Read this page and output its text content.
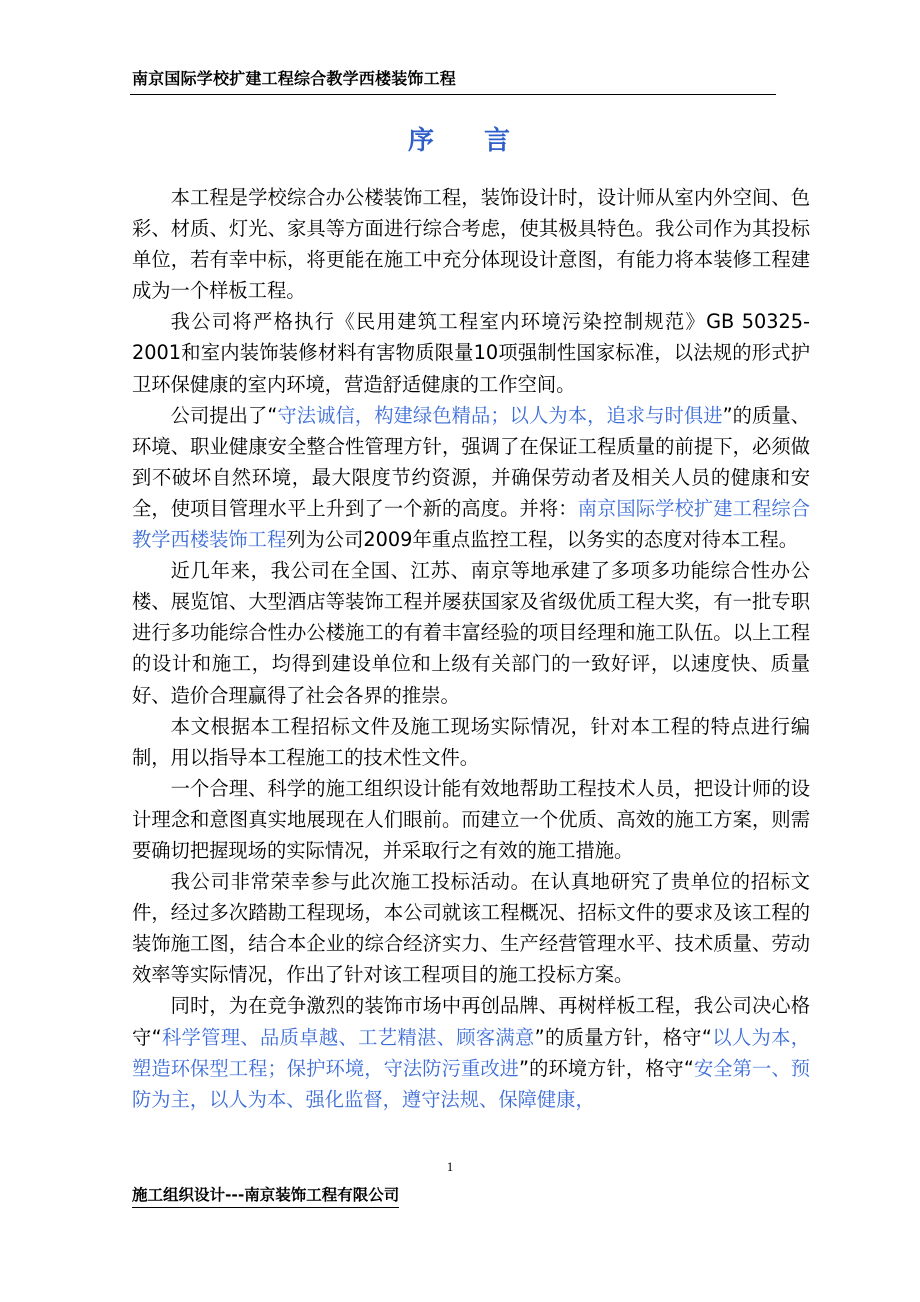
南京国际学校扩建工程综合教学西楼装饰工程
序 言

本工程是学校综合办公楼装饰工程，装饰设计时，设计师从室内外空间、色彩、材质、灯光、家具等方面进行综合考虑，使其极具特色。我公司作为其投标单位，若有幸中标，将更能在施工中充分体现设计意图，有能力将本装修工程建成为一个样板工程。

我公司将严格执行《民用建筑工程室内环境污染控制规范》GB 50325-2001和室内装饰装修材料有害物质限量10项强制性国家标准，以法规的形式护卫环保健康的室内环境，营造舒适健康的工作空间。

公司提出了“守法诚信，构建绿色精品；以人为本，追求与时俱进”的质量、环境、职业健康安全整合性管理方针，强调了在保证工程质量的前提下，必须做到不破坏自然环境，最大限度节约资源，并确保劳动者及相关人员的健康和安全，使项目管理水平上升到了一个新的高度。并将：南京国际学校扩建工程综合教学西楼装饰工程列为公司2009年重点监控工程，以务实的态度对待本工程。

近几年来，我公司在全国、江苏、南京等地承建了多项多功能综合性办公楼、展览馆、大型酒店等装饰工程并屡获国家及省级优质工程大奖，有一批专职进行多功能综合性办公楼施工的有着丰富经验的项目经理和施工队伍。以上工程的设计和施工，均得到建设单位和上级有关部门的一致好评，以速度快、质量好、造价合理赢得了社会各界的推崇。

本文根据本工程招标文件及施工现场实际情况，针对本工程的特点进行编制，用以指导本工程施工的技术性文件。

一个合理、科学的施工组织设计能有效地帮助工程技术人员，把设计师的设计理念和意图真实地展现在人们眼前。而建立一个优质、高效的施工方案，则需要确切把握现场的实际情况，并采取行之有效的施工措施。

我公司非常荣幸参与此次施工投标活动。在认真地研究了贵单位的招标文件，经过多次踏勘工程现场，本公司就该工程概况、招标文件的要求及该工程的装饰施工图，结合本企业的综合经济实力、生产经营管理水平、技术质量、劳动效率等实际情况，作出了针对该工程项目的施工投标方案。

同时，为在竞争激烈的装饰市场中再创品牌、再树样板工程，我公司决心格守“科学管理、品质卓越、工艺精湛、顾客满意”的质量方针，格守“以人为本，塑造环保型工程；保护环境，守法防污重改进”的环境方针，格守“安全第一、预防为主，以人为本、强化监督，遵守法规、保障健康，

1
施工组织设计---南京装饰工程有限公司
